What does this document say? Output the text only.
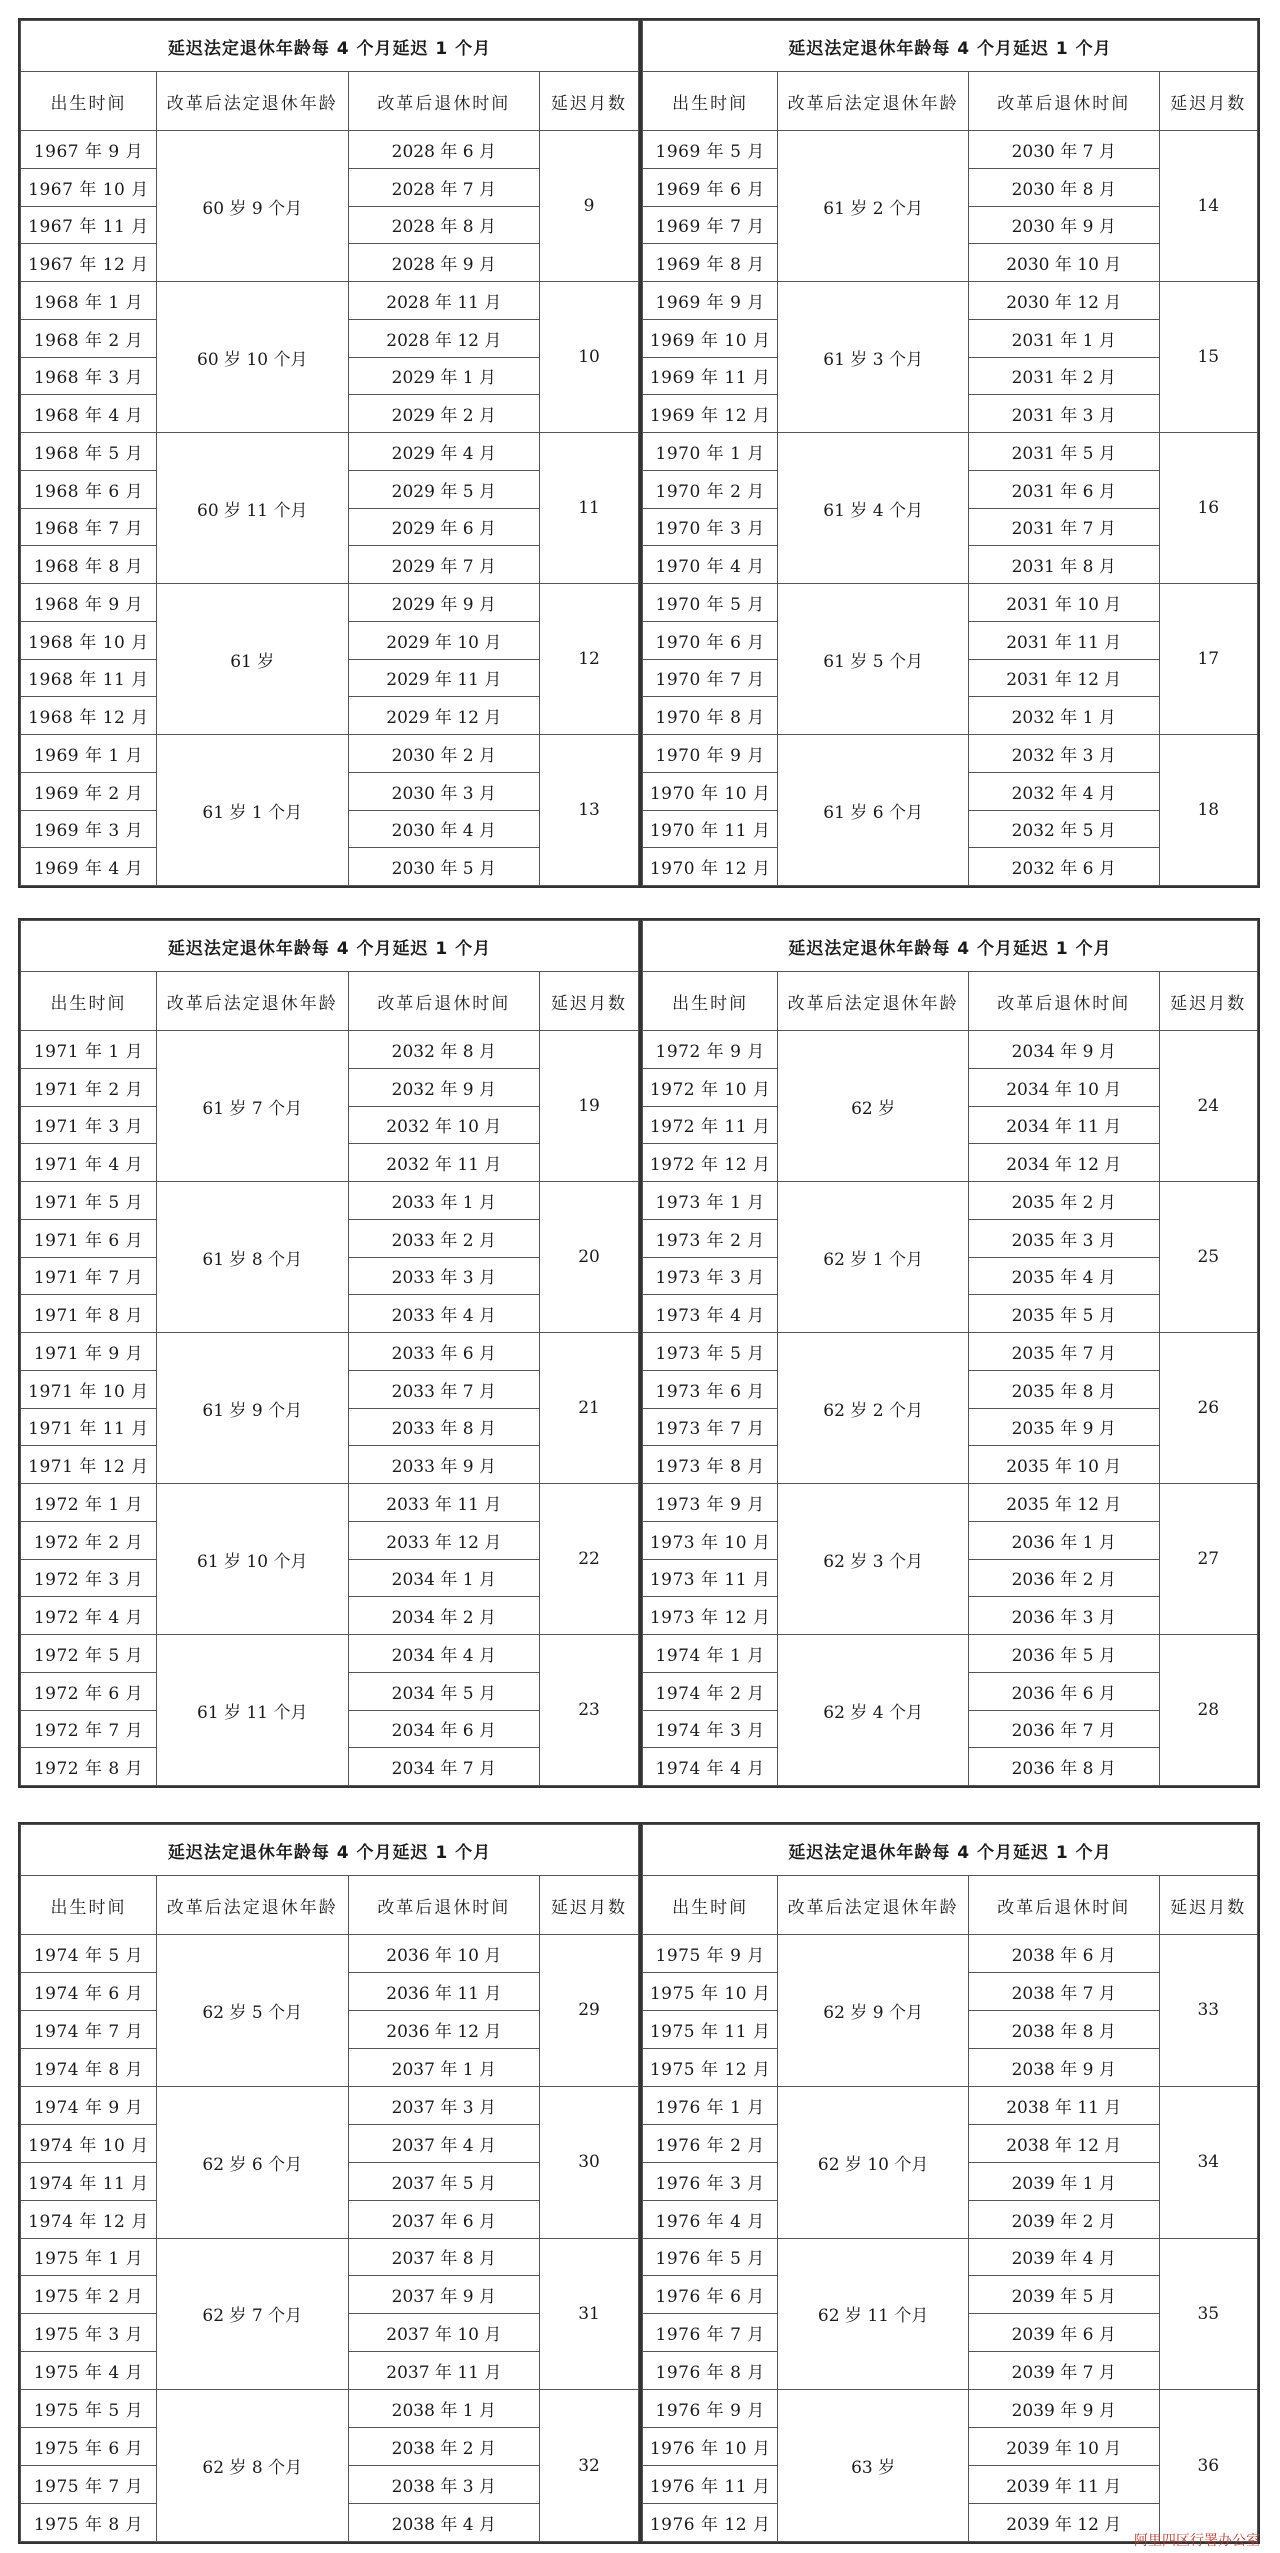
延迟法定退休年龄每 4 个月延迟 1 个月			
出生时间	改革后法定退休年龄	改革后退休时间	延迟月数
1967 年 9 月	60 岁 9 个月	2028 年 6 月	9
1967 年 10 月		2028 年 7 月	
1967 年 11 月		2028 年 8 月	
1967 年 12 月		2028 年 9 月	
1968 年 1 月	60 岁 10 个月	2028 年 11 月	10
1968 年 2 月		2028 年 12 月	
1968 年 3 月		2029 年 1 月	
1968 年 4 月		2029 年 2 月	
1968 年 5 月	60 岁 11 个月	2029 年 4 月	11
1968 年 6 月		2029 年 5 月	
1968 年 7 月		2029 年 6 月	
1968 年 8 月		2029 年 7 月	
1968 年 9 月	61 岁	2029 年 9 月	12
1968 年 10 月		2029 年 10 月	
1968 年 11 月		2029 年 11 月	
1968 年 12 月		2029 年 12 月	
1969 年 1 月	61 岁 1 个月	2030 年 2 月	13
1969 年 2 月		2030 年 3 月	
1969 年 3 月		2030 年 4 月	
1969 年 4 月		2030 年 5 月	
延迟法定退休年龄每 4 个月延迟 1 个月			
出生时间	改革后法定退休年龄	改革后退休时间	延迟月数
1969 年 5 月	61 岁 2 个月	2030 年 7 月	14
1969 年 6 月		2030 年 8 月	
1969 年 7 月		2030 年 9 月	
1969 年 8 月		2030 年 10 月	
1969 年 9 月	61 岁 3 个月	2030 年 12 月	15
1969 年 10 月		2031 年 1 月	
1969 年 11 月		2031 年 2 月	
1969 年 12 月		2031 年 3 月	
1970 年 1 月	61 岁 4 个月	2031 年 5 月	16
1970 年 2 月		2031 年 6 月	
1970 年 3 月		2031 年 7 月	
1970 年 4 月		2031 年 8 月	
1970 年 5 月	61 岁 5 个月	2031 年 10 月	17
1970 年 6 月		2031 年 11 月	
1970 年 7 月		2031 年 12 月	
1970 年 8 月		2032 年 1 月	
1970 年 9 月	61 岁 6 个月	2032 年 3 月	18
1970 年 10 月		2032 年 4 月	
1970 年 11 月		2032 年 5 月	
1970 年 12 月		2032 年 6 月	
延迟法定退休年龄每 4 个月延迟 1 个月			
出生时间	改革后法定退休年龄	改革后退休时间	延迟月数
1971 年 1 月	61 岁 7 个月	2032 年 8 月	19
1971 年 2 月		2032 年 9 月	
1971 年 3 月		2032 年 10 月	
1971 年 4 月		2032 年 11 月	
1971 年 5 月	61 岁 8 个月	2033 年 1 月	20
1971 年 6 月		2033 年 2 月	
1971 年 7 月		2033 年 3 月	
1971 年 8 月		2033 年 4 月	
1971 年 9 月	61 岁 9 个月	2033 年 6 月	21
1971 年 10 月		2033 年 7 月	
1971 年 11 月		2033 年 8 月	
1971 年 12 月		2033 年 9 月	
1972 年 1 月	61 岁 10 个月	2033 年 11 月	22
1972 年 2 月		2033 年 12 月	
1972 年 3 月		2034 年 1 月	
1972 年 4 月		2034 年 2 月	
1972 年 5 月	61 岁 11 个月	2034 年 4 月	23
1972 年 6 月		2034 年 5 月	
1972 年 7 月		2034 年 6 月	
1972 年 8 月		2034 年 7 月	
延迟法定退休年龄每 4 个月延迟 1 个月			
出生时间	改革后法定退休年龄	改革后退休时间	延迟月数
1972 年 9 月	62 岁	2034 年 9 月	24
1972 年 10 月		2034 年 10 月	
1972 年 11 月		2034 年 11 月	
1972 年 12 月		2034 年 12 月	
1973 年 1 月	62 岁 1 个月	2035 年 2 月	25
1973 年 2 月		2035 年 3 月	
1973 年 3 月		2035 年 4 月	
1973 年 4 月		2035 年 5 月	
1973 年 5 月	62 岁 2 个月	2035 年 7 月	26
1973 年 6 月		2035 年 8 月	
1973 年 7 月		2035 年 9 月	
1973 年 8 月		2035 年 10 月	
1973 年 9 月	62 岁 3 个月	2035 年 12 月	27
1973 年 10 月		2036 年 1 月	
1973 年 11 月		2036 年 2 月	
1973 年 12 月		2036 年 3 月	
1974 年 1 月	62 岁 4 个月	2036 年 5 月	28
1974 年 2 月		2036 年 6 月	
1974 年 3 月		2036 年 7 月	
1974 年 4 月		2036 年 8 月	
延迟法定退休年龄每 4 个月延迟 1 个月			
出生时间	改革后法定退休年龄	改革后退休时间	延迟月数
1974 年 5 月	62 岁 5 个月	2036 年 10 月	29
1974 年 6 月		2036 年 11 月	
1974 年 7 月		2036 年 12 月	
1974 年 8 月		2037 年 1 月	
1974 年 9 月	62 岁 6 个月	2037 年 3 月	30
1974 年 10 月		2037 年 4 月	
1974 年 11 月		2037 年 5 月	
1974 年 12 月		2037 年 6 月	
1975 年 1 月	62 岁 7 个月	2037 年 8 月	31
1975 年 2 月		2037 年 9 月	
1975 年 3 月		2037 年 10 月	
1975 年 4 月		2037 年 11 月	
1975 年 5 月	62 岁 8 个月	2038 年 1 月	32
1975 年 6 月		2038 年 2 月	
1975 年 7 月		2038 年 3 月	
1975 年 8 月		2038 年 4 月	
延迟法定退休年龄每 4 个月延迟 1 个月			
出生时间	改革后法定退休年龄	改革后退休时间	延迟月数
1975 年 9 月	62 岁 9 个月	2038 年 6 月	33
1975 年 10 月		2038 年 7 月	
1975 年 11 月		2038 年 8 月	
1975 年 12 月		2038 年 9 月	
1976 年 1 月	62 岁 10 个月	2038 年 11 月	34
1976 年 2 月		2038 年 12 月	
1976 年 3 月		2039 年 1 月	
1976 年 4 月		2039 年 2 月	
1976 年 5 月	62 岁 11 个月	2039 年 4 月	35
1976 年 6 月		2039 年 5 月	
1976 年 7 月		2039 年 6 月	
1976 年 8 月		2039 年 7 月	
1976 年 9 月	63 岁	2039 年 9 月	36
1976 年 10 月		2039 年 10 月	
1976 年 11 月		2039 年 11 月	
1976 年 12 月		2039 年 12 月	
阿里四区行署办公室
